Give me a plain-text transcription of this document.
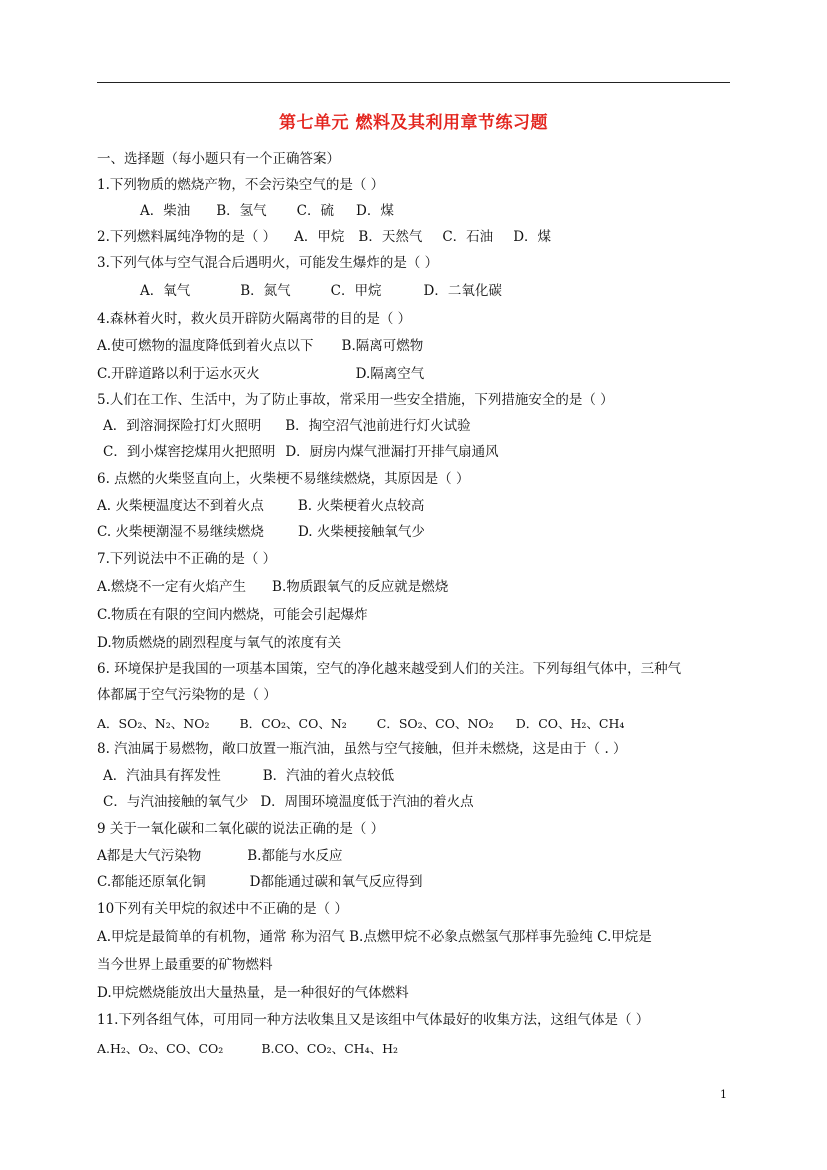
第七单元 燃料及其利用章节练习题
一、选择题（每小题只有一个正确答案）
1.下列物质的燃烧产物，不会污染空气的是（ ）
A．柴油 B．氢气 C．硫 D．煤
2.下列燃料属纯净物的是（ ） A．甲烷 B．天然气 C．石油 D．煤
3.下列气体与空气混合后遇明火，可能发生爆炸的是（ ）
A．氧气	B．氮气	C．甲烷	D．二氧化碳
4.森林着火时，救火员开辟防火隔离带的目的是（ ）
A.使可燃物的温度降低到着火点以下 B.隔离可燃物
C.开辟道路以利于运水灭火	D.隔离空气
5.人们在工作、生活中，为了防止事故，常采用一些安全措施，下列措施安全的是（ ）
A．到溶洞探险打灯火照明 B．掏空沼气池前进行灯火试验
C．到小煤窖挖煤用火把照明 D．厨房内煤气泄漏打开排气扇通风
6. 点燃的火柴竖直向上，火柴梗不易继续燃烧，其原因是（ ）
A. 火柴梗温度达不到着火点	B. 火柴梗着火点较高
C. 火柴梗潮湿不易继续燃烧	D. 火柴梗接触氧气少
7.下列说法中不正确的是（ ）
A.燃烧不一定有火焰产生 B.物质跟氧气的反应就是燃烧
C.物质在有限的空间内燃烧，可能会引起爆炸
D.物质燃烧的剧烈程度与氧气的浓度有关
6. 环境保护是我国的一项基本国策，空气的净化越来越受到人们的关注。下列每组气体中，三种气
体都属于空气污染物的是（ ）
A．SO₂、N₂、NO₂ B．CO₂、CO、N₂ C．SO₂、CO、NO₂ D．CO、H₂、CH₄
8. 汽油属于易燃物，敞口放置一瓶汽油，虽然与空气接触，但并未燃烧，这是由于（ . ）
A．汽油具有挥发性	B．汽油的着火点较低
C．与汽油接触的氧气少 D．周围环境温度低于汽油的着火点
9 关于一氧化碳和二氧化碳的说法正确的是（ ）
A都是大气污染物	B.都能与水反应
C.都能还原氧化铜	D都能通过碳和氧气反应得到
10下列有关甲烷的叙述中不正确的是（ ）
A.甲烷是最简单的有机物，通常 称为沼气 B.点燃甲烷不必象点燃氢气那样事先验纯 C.甲烷是
当今世界上最重要的矿物燃料
D.甲烷燃烧能放出大量热量，是一种很好的气体燃料
11.下列各组气体，可用同一种方法收集且又是该组中气体最好的收集方法，这组气体是（ ）
A.H₂、O₂、CO、CO₂	B.CO、CO₂、CH₄、H₂
1
